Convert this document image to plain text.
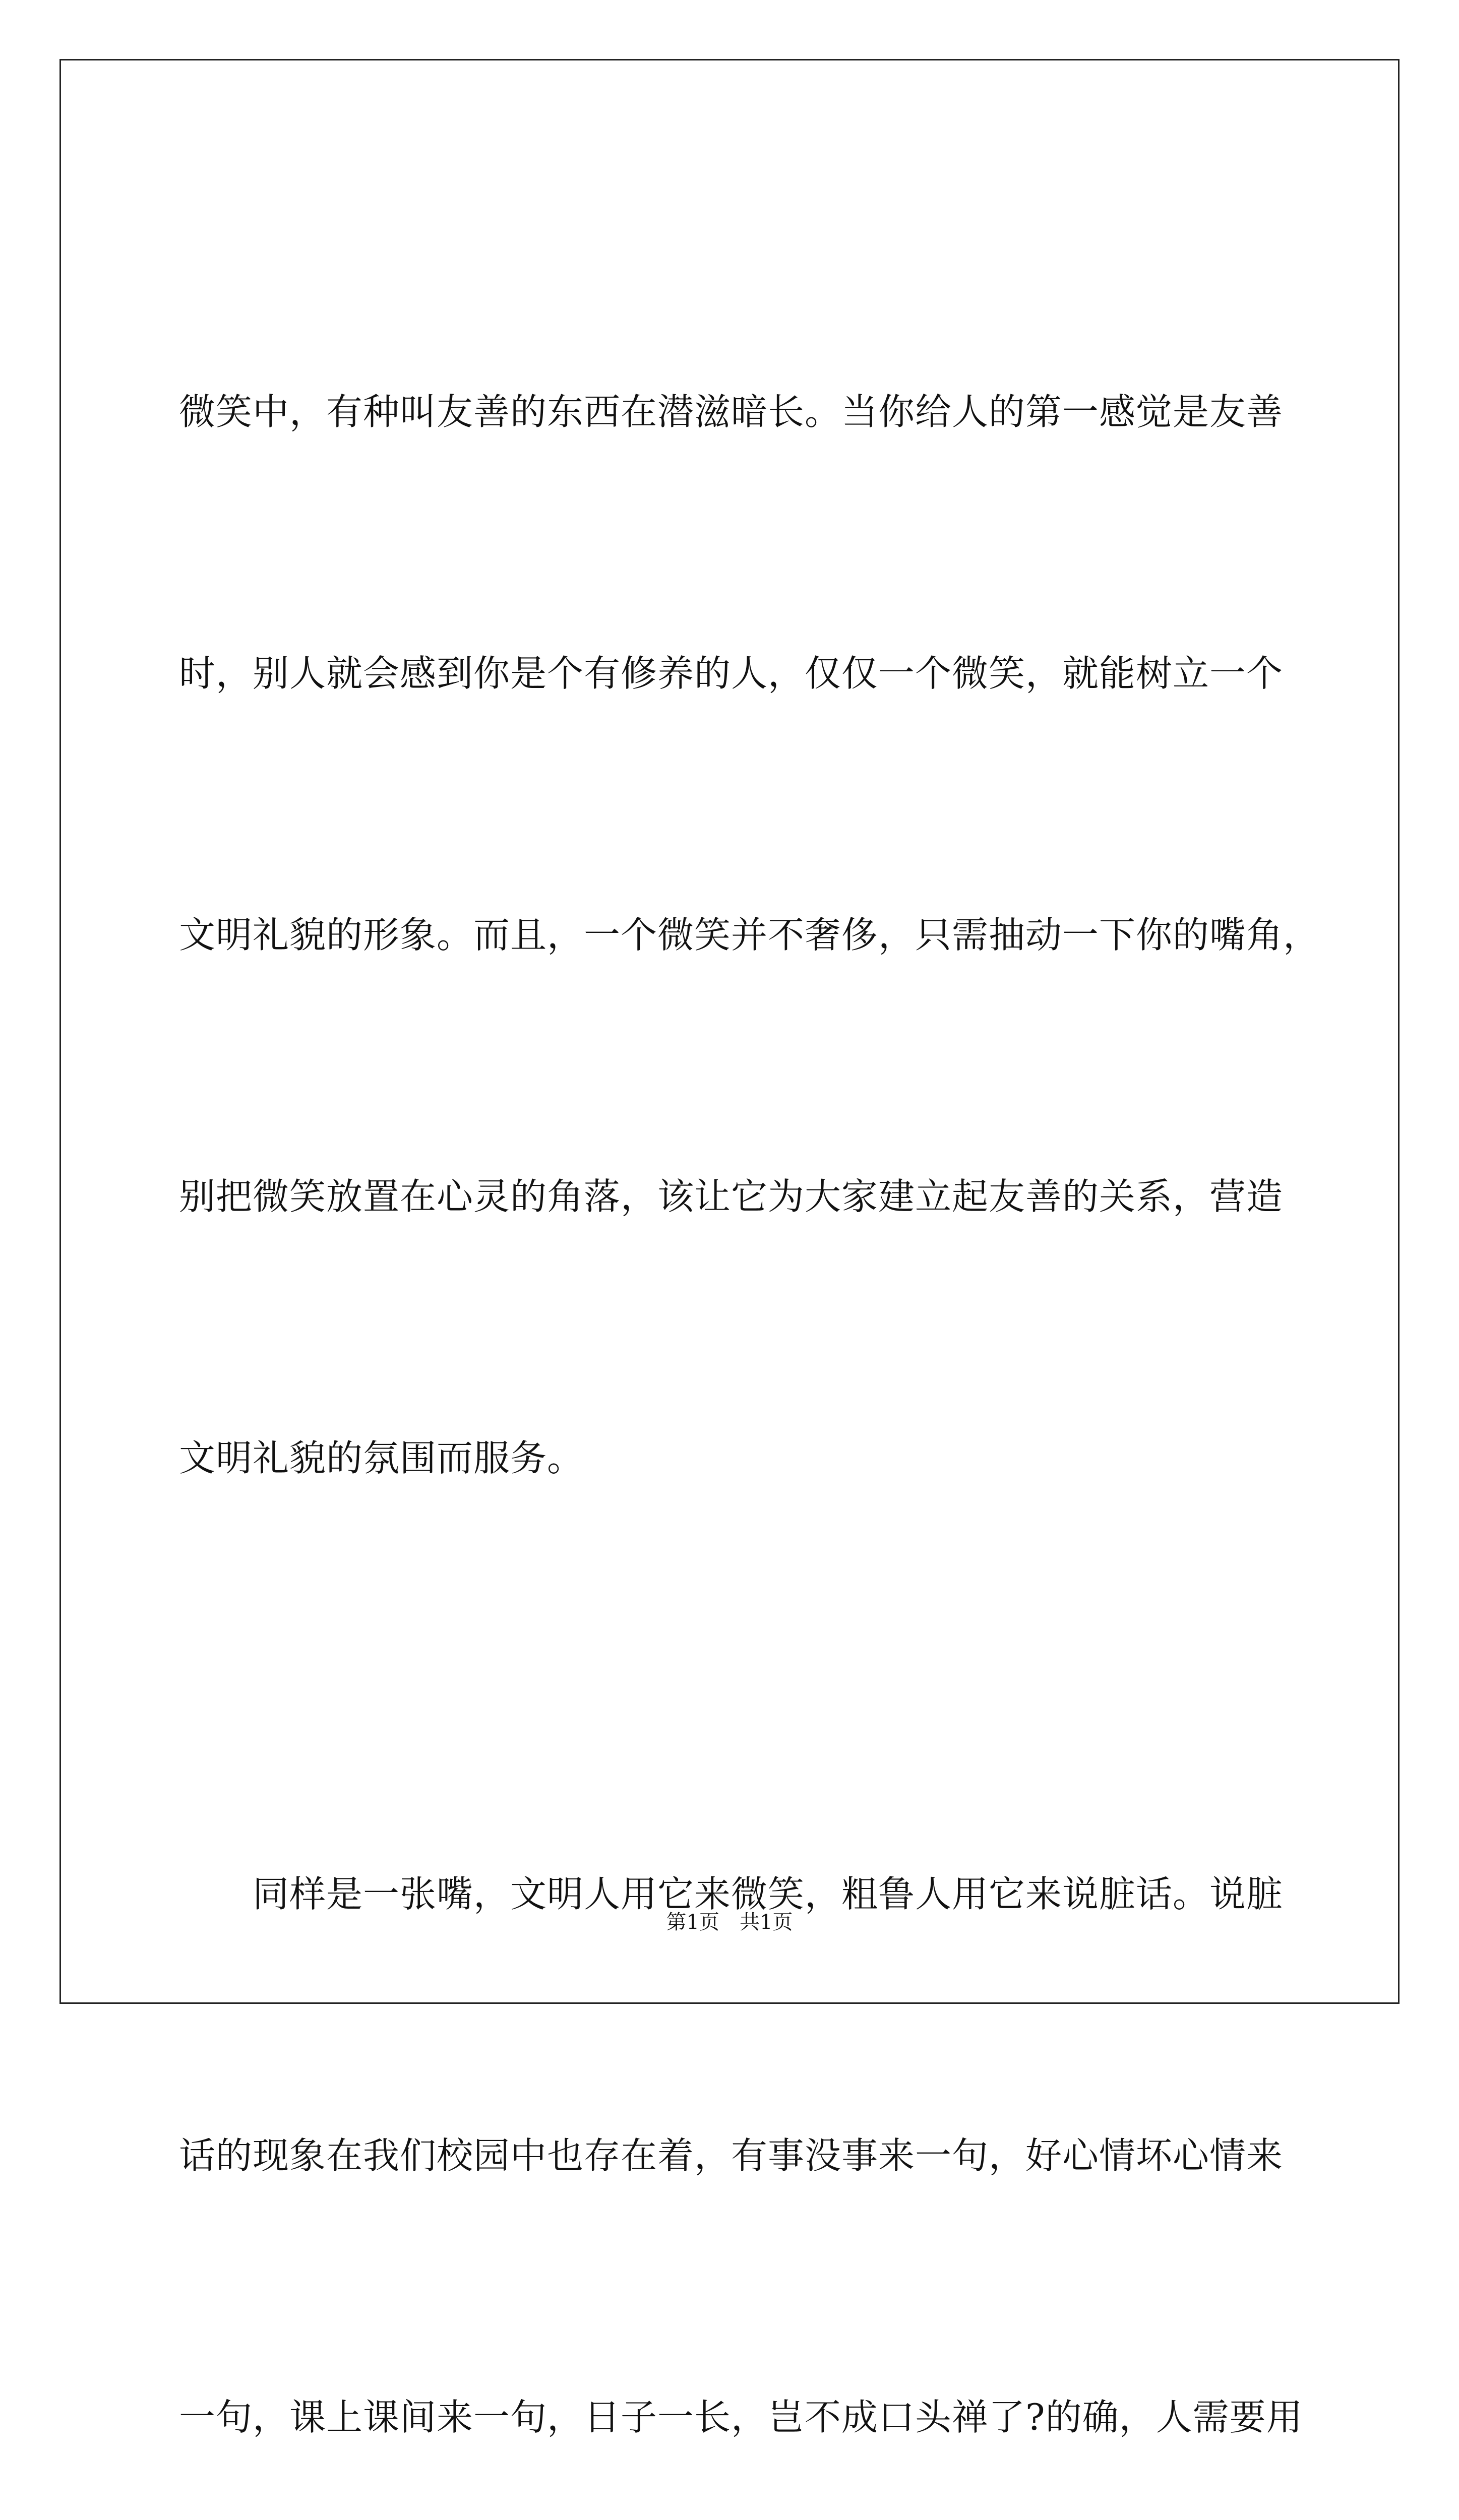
微笑中，有种叫友善的东西在潜滋暗长。当你给人的第一感觉是友善

时，别人就会感到你是个有修养的人，仅仅一个微笑，就能树立一个

文明礼貌的形象。而且，一个微笑并不奢侈，只需抽动一下你的嘴角，

别把微笑放置在心灵的角落，该让它为大家建立起友善的关系，营造

文明礼貌的氛围而服务。

　　同样是一张嘴，文明人用它来微笑，粗鲁人用它来说脏话。说脏

话的现象在我们校园中也存在着，有事没事来一句，好心情坏心情来

一句，课上课间来一句，日子一长，岂不成口头禅了?的确，人需要用

第1页　共1页
